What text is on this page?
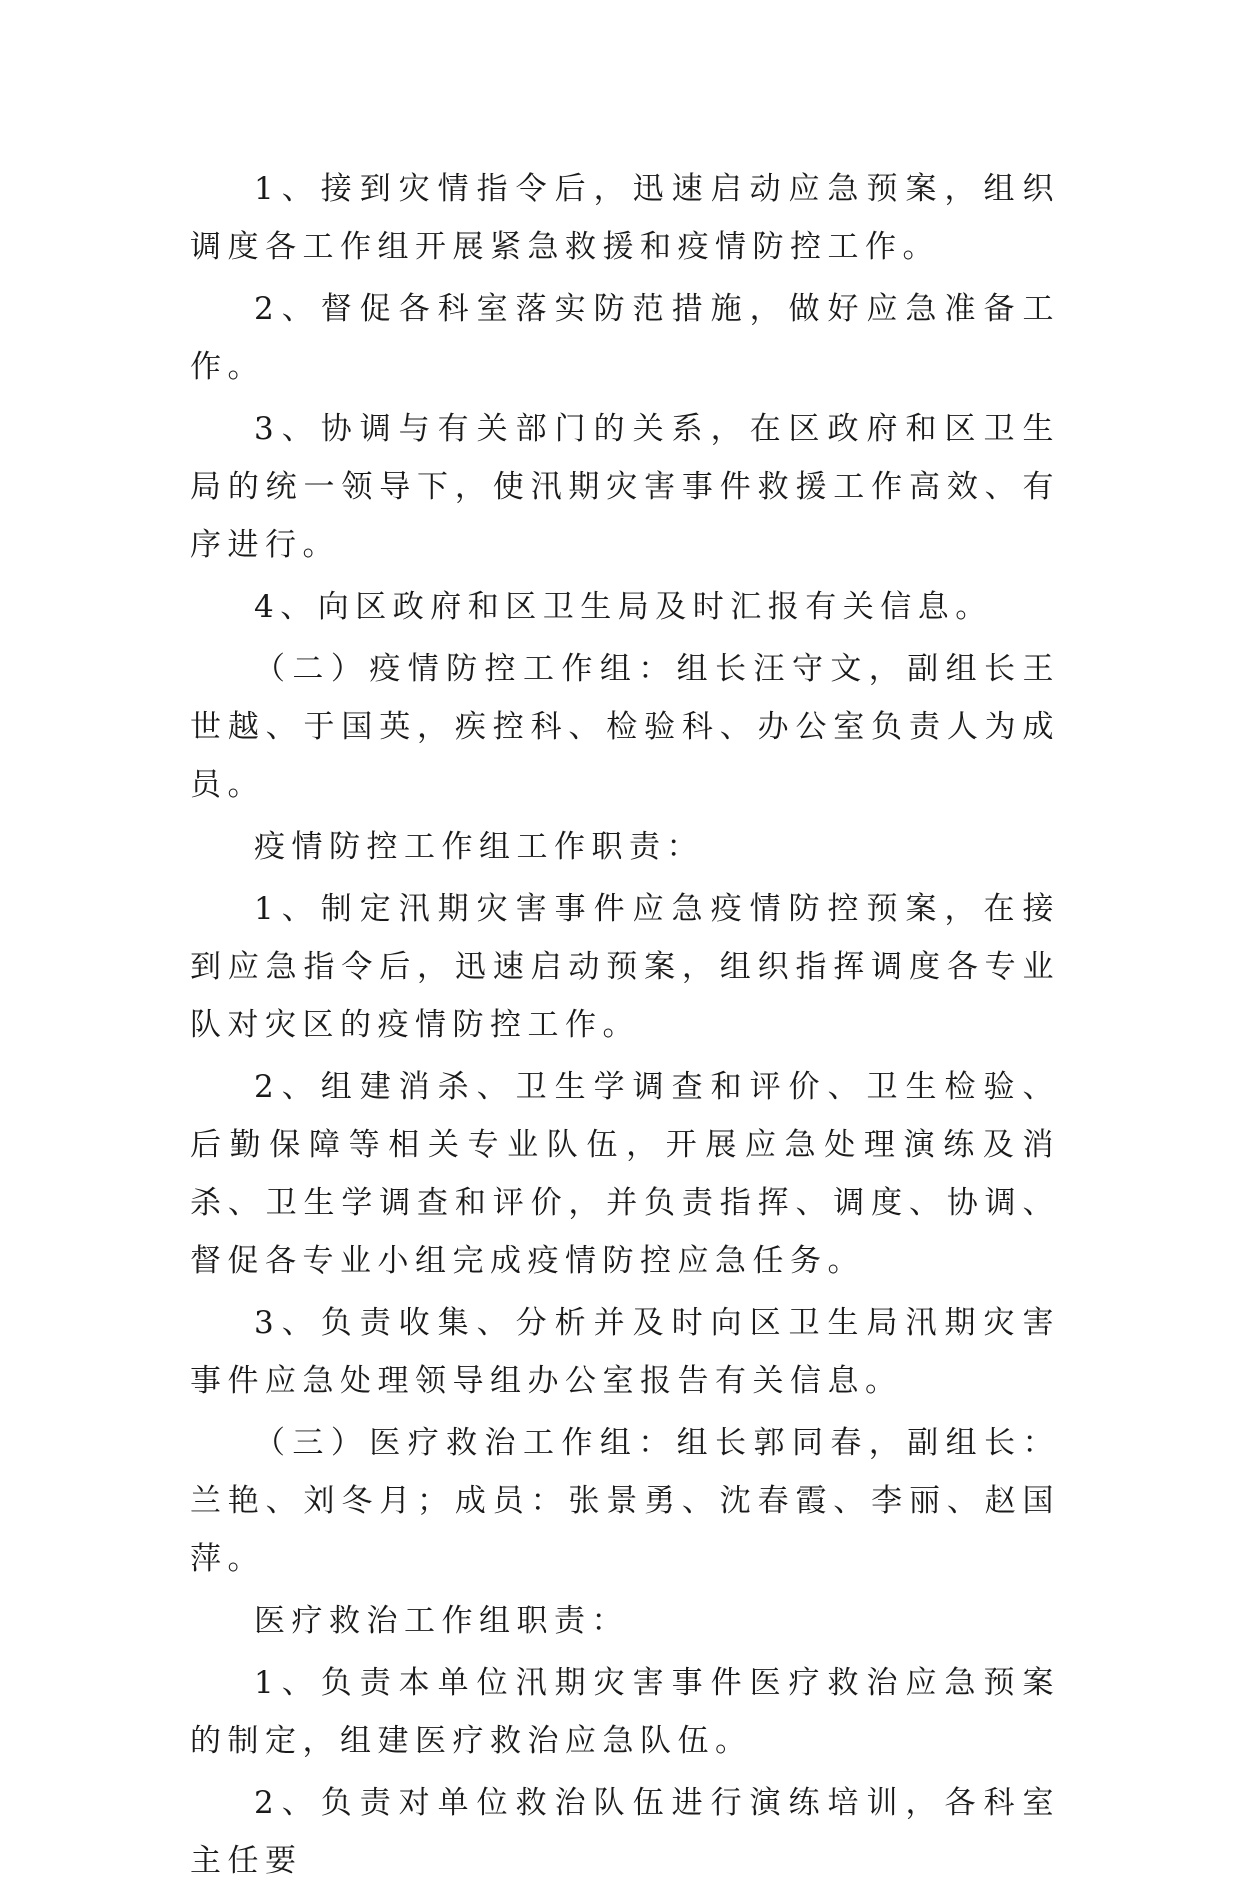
1、接到灾情指令后，迅速启动应急预案，组织调度各工作组开展紧急救援和疫情防控工作。

2、督促各科室落实防范措施，做好应急准备工作。

3、协调与有关部门的关系，在区政府和区卫生局的统一领导下，使汛期灾害事件救援工作高效、有序进行。

4、向区政府和区卫生局及时汇报有关信息。

（二）疫情防控工作组：组长汪守文，副组长王世越、于国英，疾控科、检验科、办公室负责人为成员。

疫情防控工作组工作职责：

1、制定汛期灾害事件应急疫情防控预案，在接到应急指令后，迅速启动预案，组织指挥调度各专业队对灾区的疫情防控工作。

2、组建消杀、卫生学调查和评价、卫生检验、后勤保障等相关专业队伍，开展应急处理演练及消杀、卫生学调查和评价，并负责指挥、调度、协调、督促各专业小组完成疫情防控应急任务。

3、负责收集、分析并及时向区卫生局汛期灾害事件应急处理领导组办公室报告有关信息。

（三）医疗救治工作组：组长郭同春，副组长：兰艳、刘冬月；成员：张景勇、沈春霞、李丽、赵国萍。

医疗救治工作组职责：

1、负责本单位汛期灾害事件医疗救治应急预案的制定，组建医疗救治应急队伍。

2、负责对单位救治队伍进行演练培训，各科室主任要
